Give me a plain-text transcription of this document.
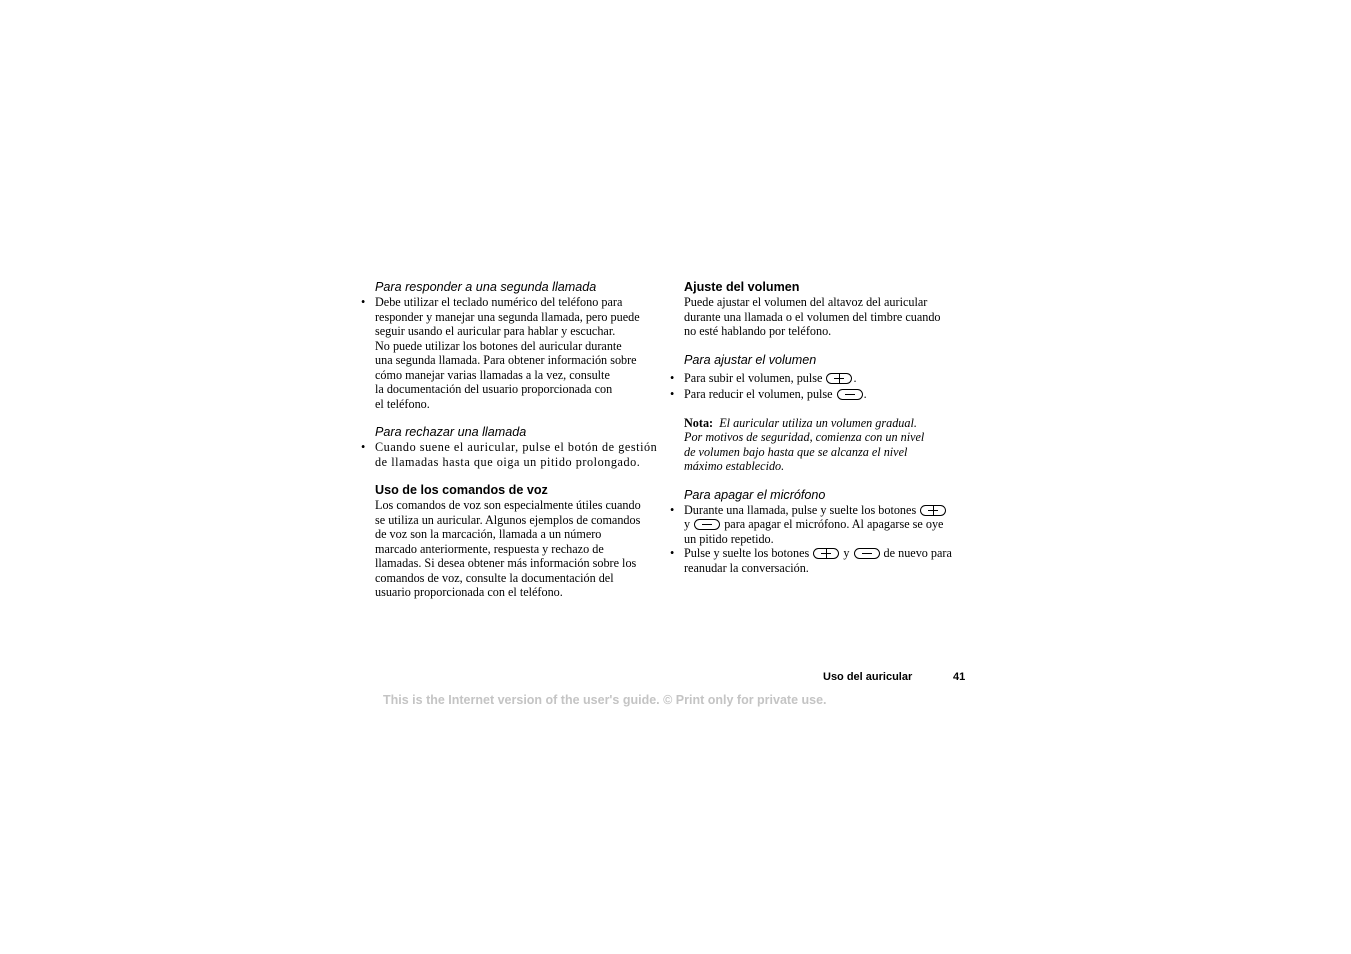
Para responder a una segunda llamada
• Debe utilizar el teclado numérico del teléfono para
responder y manejar una segunda llamada, pero puede
seguir usando el auricular para hablar y escuchar.
No puede utilizar los botones del auricular durante
una segunda llamada. Para obtener información sobre
cómo manejar varias llamadas a la vez, consulte
la documentación del usuario proporcionada con
el teléfono.
Para rechazar una llamada
• Cuando suene el auricular, pulse el botón de gestión
de llamadas hasta que oiga un pitido prolongado.
Uso de los comandos de voz
Los comandos de voz son especialmente útiles cuando
se utiliza un auricular. Algunos ejemplos de comandos
de voz son la marcación, llamada a un número
marcado anteriormente, respuesta y rechazo de
llamadas. Si desea obtener más información sobre los
comandos de voz, consulte la documentación del
usuario proporcionada con el teléfono.
Ajuste del volumen
Puede ajustar el volumen del altavoz del auricular
durante una llamada o el volumen del timbre cuando
no esté hablando por teléfono.
Para ajustar el volumen
• Para subir el volumen, pulse	.
• Para reducir el volumen, pulse	.
Nota: El auricular utiliza un volumen gradual.
Por motivos de seguridad, comienza con un nivel
de volumen bajo hasta que se alcanza el nivel
máximo establecido.
Para apagar el micrófono
• Durante una llamada, pulse y suelte los botones
y	para apagar el micrófono. Al apagarse se oye
un pitido repetido.
• Pulse y suelte los botones	y	de nuevo para
reanudar la conversación.
Uso del auricular	41
This is the Internet version of the user's guide. © Print only for private use.
